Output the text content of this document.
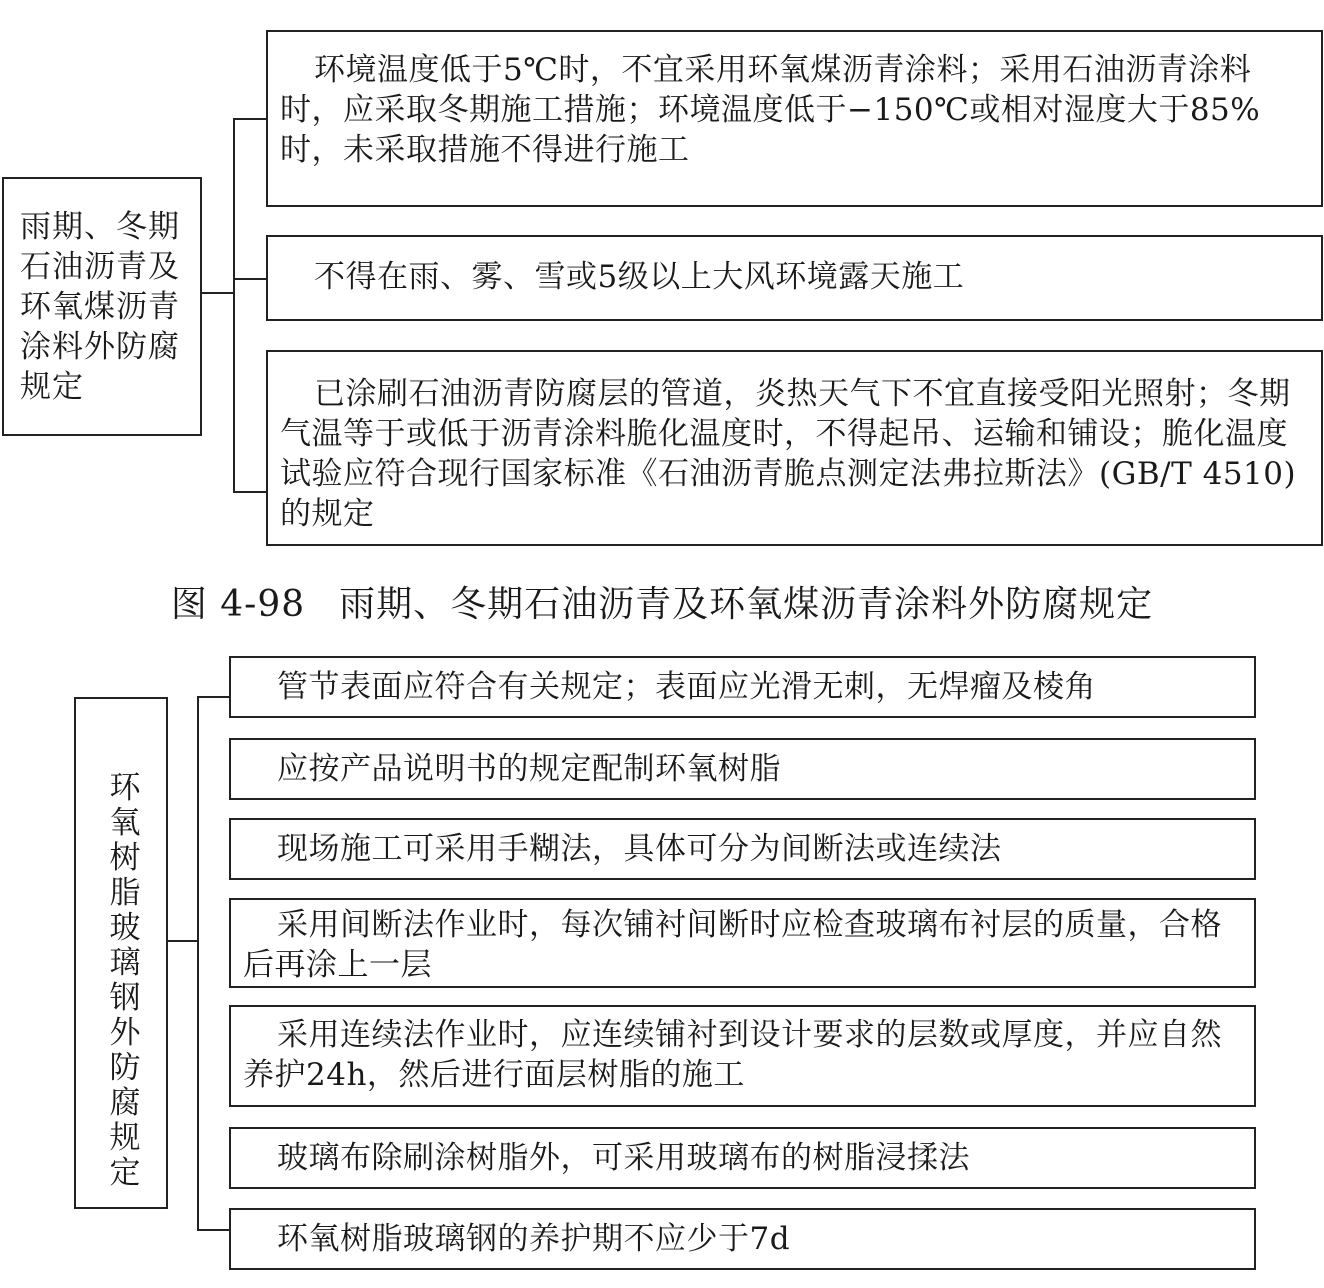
雨期、冬期石油沥青及环氧煤沥青涂料外防腐规定
环境温度低于5℃时，不宜采用环氧煤沥青涂料；采用石油沥青涂料时，应采取冬期施工措施；环境温度低于−150℃或相对湿度大于85%时，未采取措施不得进行施工
不得在雨、雾、雪或5级以上大风环境露天施工
已涂刷石油沥青防腐层的管道，炎热天气下不宜直接受阳光照射；冬期气温等于或低于沥青涂料脆化温度时，不得起吊、运输和铺设；脆化温度试验应符合现行国家标准《石油沥青脆点测定法弗拉斯法》(GB/T 4510)的规定
图 4-98 雨期、冬期石油沥青及环氧煤沥青涂料外防腐规定
环氧树脂玻璃钢外防腐规定
管节表面应符合有关规定；表面应光滑无刺，无焊瘤及棱角
应按产品说明书的规定配制环氧树脂
现场施工可采用手糊法，具体可分为间断法或连续法
采用间断法作业时，每次铺衬间断时应检查玻璃布衬层的质量，合格后再涂上一层
采用连续法作业时，应连续铺衬到设计要求的层数或厚度，并应自然养护24h，然后进行面层树脂的施工
玻璃布除刷涂树脂外，可采用玻璃布的树脂浸揉法
环氧树脂玻璃钢的养护期不应少于7d
